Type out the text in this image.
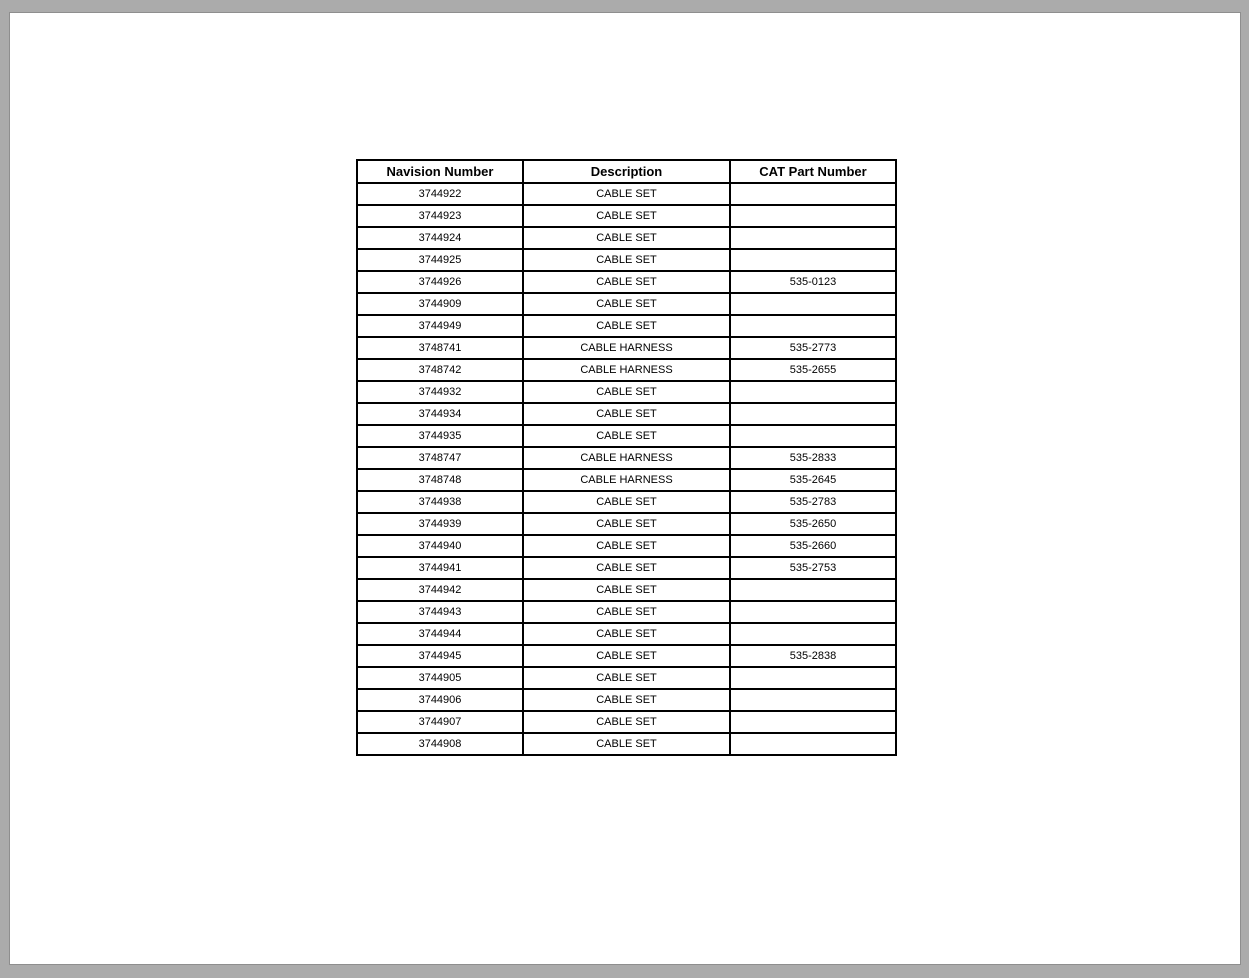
Navision Number	Description	CAT Part Number
3744922	CABLE SET	
3744923	CABLE SET	
3744924	CABLE SET	
3744925	CABLE SET	
3744926	CABLE SET	535-0123
3744909	CABLE SET	
3744949	CABLE SET	
3748741	CABLE HARNESS	535-2773
3748742	CABLE HARNESS	535-2655
3744932	CABLE SET	
3744934	CABLE SET	
3744935	CABLE SET	
3748747	CABLE HARNESS	535-2833
3748748	CABLE HARNESS	535-2645
3744938	CABLE SET	535-2783
3744939	CABLE SET	535-2650
3744940	CABLE SET	535-2660
3744941	CABLE SET	535-2753
3744942	CABLE SET	
3744943	CABLE SET	
3744944	CABLE SET	
3744945	CABLE SET	535-2838
3744905	CABLE SET	
3744906	CABLE SET	
3744907	CABLE SET	
3744908	CABLE SET	
